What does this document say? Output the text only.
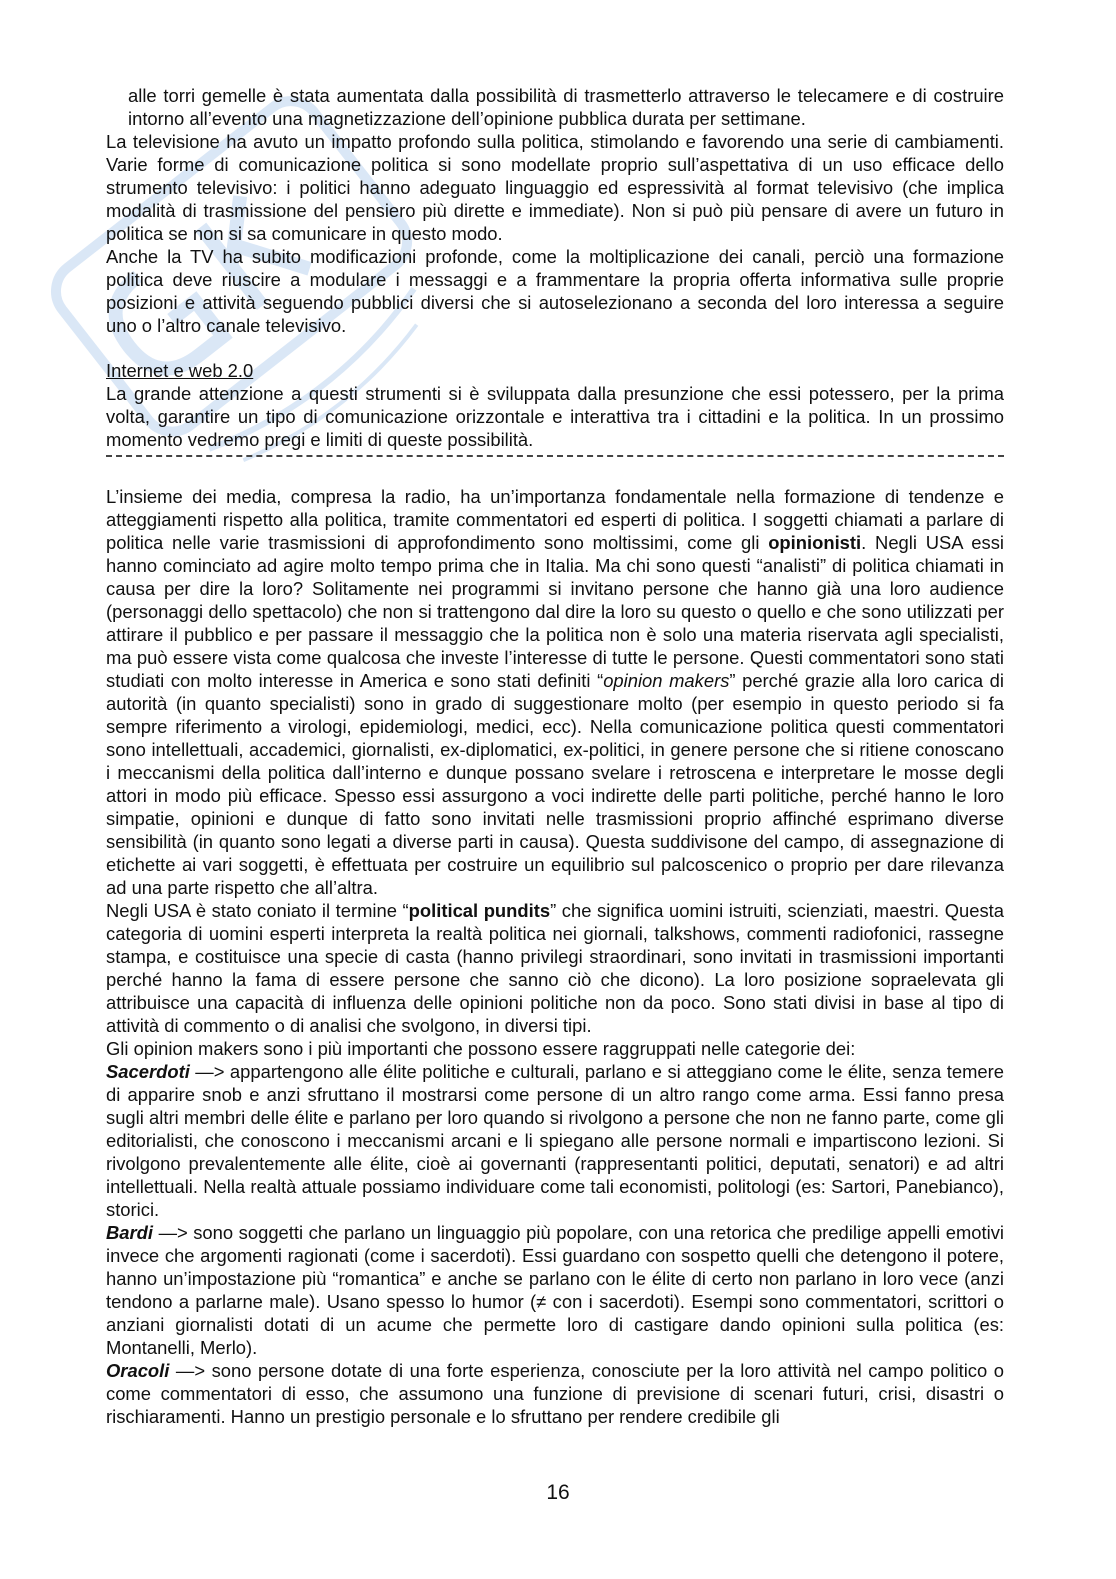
alle torri gemelle è stata aumentata dalla possibilità di trasmetterlo attraverso le telecamere e di costruire intorno all’evento una magnetizzazione dell’opinione pubblica durata per settimane.

La televisione ha avuto un impatto profondo sulla politica, stimolando e favorendo una serie di cambiamenti. Varie forme di comunicazione politica si sono modellate proprio sull’aspettativa di un uso efficace dello strumento televisivo: i politici hanno adeguato linguaggio ed espressività al format televisivo (che implica modalità di trasmissione del pensiero più dirette e immediate). Non si può più pensare di avere un futuro in politica se non si sa comunicare in questo modo.

Anche la TV ha subito modificazioni profonde, come la moltiplicazione dei canali, perciò una formazione politica deve riuscire a modulare i messaggi e a frammentare la propria offerta informativa sulle proprie posizioni e attività seguendo pubblici diversi che si autoselezionano a seconda del loro interessa a seguire uno o l’altro canale televisivo.

Internet e web 2.0

La grande attenzione a questi strumenti si è sviluppata dalla presunzione che essi potessero, per la prima volta, garantire un tipo di comunicazione orizzontale e interattiva tra i cittadini e la politica. In un prossimo momento vedremo pregi e limiti di queste possibilità.

L’insieme dei media, compresa la radio, ha un’importanza fondamentale nella formazione di tendenze e atteggiamenti rispetto alla politica, tramite commentatori ed esperti di politica. I soggetti chiamati a parlare di politica nelle varie trasmissioni di approfondimento sono moltissimi, come gli opinionisti. Negli USA essi hanno cominciato ad agire molto tempo prima che in Italia. Ma chi sono questi “analisti” di politica chiamati in causa per dire la loro? Solitamente nei programmi si invitano persone che hanno già una loro audience (personaggi dello spettacolo) che non si trattengono dal dire la loro su questo o quello e che sono utilizzati per attirare il pubblico e per passare il messaggio che la politica non è solo una materia riservata agli specialisti, ma può essere vista come qualcosa che investe l’interesse di tutte le persone. Questi commentatori sono stati studiati con molto interesse in America e sono stati definiti “opinion makers” perché grazie alla loro carica di autorità (in quanto specialisti) sono in grado di suggestionare molto (per esempio in questo periodo si fa sempre riferimento a virologi, epidemiologi, medici, ecc). Nella comunicazione politica questi commentatori sono intellettuali, accademici, giornalisti, ex-diplomatici, ex-politici, in genere persone che si ritiene conoscano i meccanismi della politica dall’interno e dunque possano svelare i retroscena e interpretare le mosse degli attori in modo più efficace. Spesso essi assurgono a voci indirette delle parti politiche, perché hanno le loro simpatie, opinioni e dunque di fatto sono invitati nelle trasmissioni proprio affinché esprimano diverse sensibilità (in quanto sono legati a diverse parti in causa). Questa suddivisone del campo, di assegnazione di etichette ai vari soggetti, è effettuata per costruire un equilibrio sul palcoscenico o proprio per dare rilevanza ad una parte rispetto che all’altra.

Negli USA è stato coniato il termine “political pundits” che significa uomini istruiti, scienziati, maestri. Questa categoria di uomini esperti interpreta la realtà politica nei giornali, talkshows, commenti radiofonici, rassegne stampa, e costituisce una specie di casta (hanno privilegi straordinari, sono invitati in trasmissioni importanti perché hanno la fama di essere persone che sanno ciò che dicono). La loro posizione sopraelevata gli attribuisce una capacità di influenza delle opinioni politiche non da poco. Sono stati divisi in base al tipo di attività di commento o di analisi che svolgono, in diversi tipi.

Gli opinion makers sono i più importanti che possono essere raggruppati nelle categorie dei:

Sacerdoti —> appartengono alle élite politiche e culturali, parlano e si atteggiano come le élite, senza temere di apparire snob e anzi sfruttano il mostrarsi come persone di un altro rango come arma. Essi fanno presa sugli altri membri delle élite e parlano per loro quando si rivolgono a persone che non ne fanno parte, come gli editorialisti, che conoscono i meccanismi arcani e li spiegano alle persone normali e impartiscono lezioni. Si rivolgono prevalentemente alle élite, cioè ai governanti (rappresentanti politici, deputati, senatori) e ad altri intellettuali. Nella realtà attuale possiamo individuare come tali economisti, politologi (es: Sartori, Panebianco), storici.

Bardi —> sono soggetti che parlano un linguaggio più popolare, con una retorica che predilige appelli emotivi invece che argomenti ragionati (come i sacerdoti). Essi guardano con sospetto quelli che detengono il potere, hanno un’impostazione più “romantica” e anche se parlano con le élite di certo non parlano in loro vece (anzi tendono a parlarne male). Usano spesso lo humor (≠ con i sacerdoti). Esempi sono commentatori, scrittori o anziani giornalisti dotati di un acume che permette loro di castigare dando opinioni sulla politica (es: Montanelli, Merlo).

Oracoli —> sono persone dotate di una forte esperienza, conosciute per la loro attività nel campo politico o come commentatori di esso, che assumono una funzione di previsione di scenari futuri, crisi, disastri o rischiaramenti. Hanno un prestigio personale e lo sfruttano per rendere credibile gli

16
